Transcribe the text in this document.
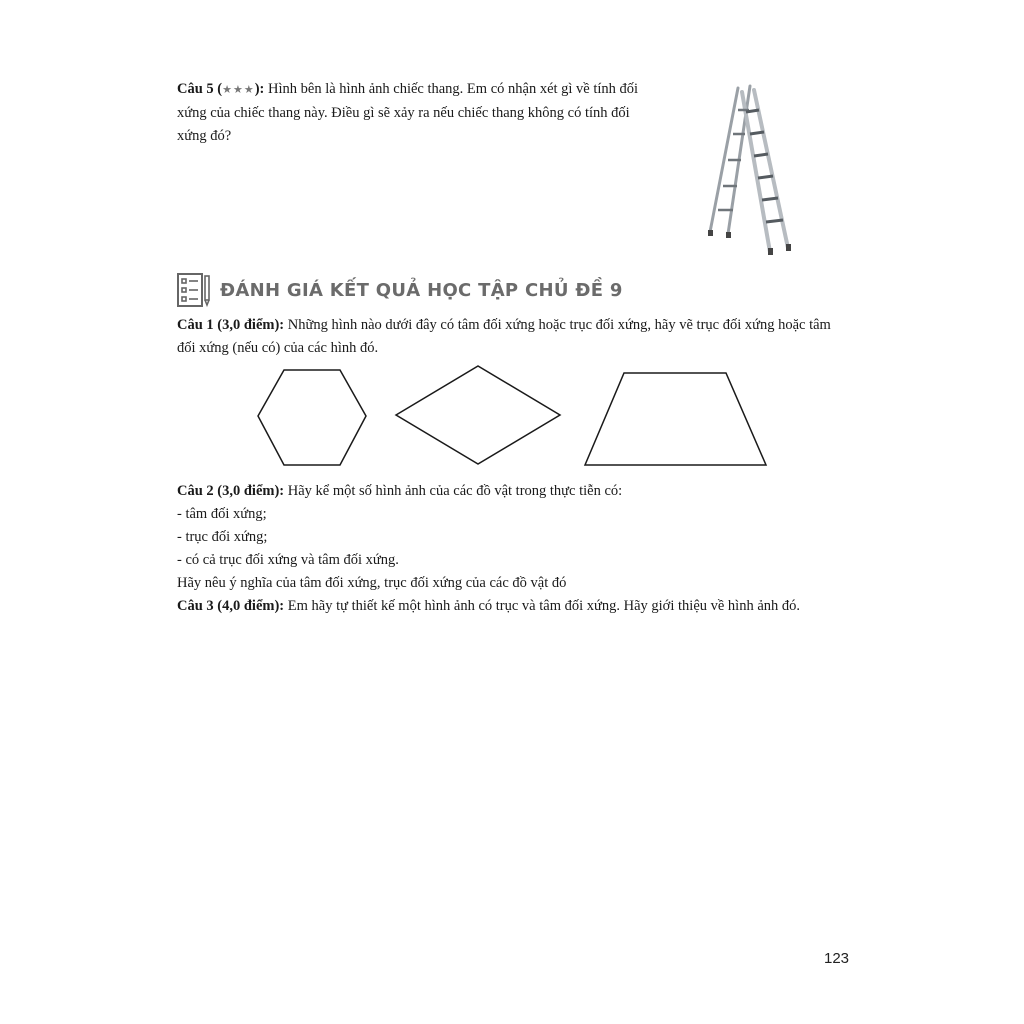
Câu 5 (★★★): Hình bên là hình ảnh chiếc thang. Em có nhận xét gì về tính đối
xứng của chiếc thang này. Điều gì sẽ xảy ra nếu chiếc thang không có tính đối
xứng đó?
ĐÁNH GIÁ KẾT QUẢ HỌC TẬP CHỦ ĐỀ 9
Câu 1 (3,0 điểm): Những hình nào dưới đây có tâm đối xứng hoặc trục đối xứng, hãy vẽ trục đối xứng hoặc tâm
đối xứng (nếu có) của các hình đó.
Câu 2 (3,0 điểm): Hãy kể một số hình ảnh của các đồ vật trong thực tiễn có:
- tâm đối xứng;
- trục đối xứng;
- có cả trục đối xứng và tâm đối xứng.
Hãy nêu ý nghĩa của tâm đối xứng, trục đối xứng của các đồ vật đó
Câu 3 (4,0 điểm): Em hãy tự thiết kế một hình ảnh có trục và tâm đối xứng. Hãy giới thiệu về hình ảnh đó.
123
